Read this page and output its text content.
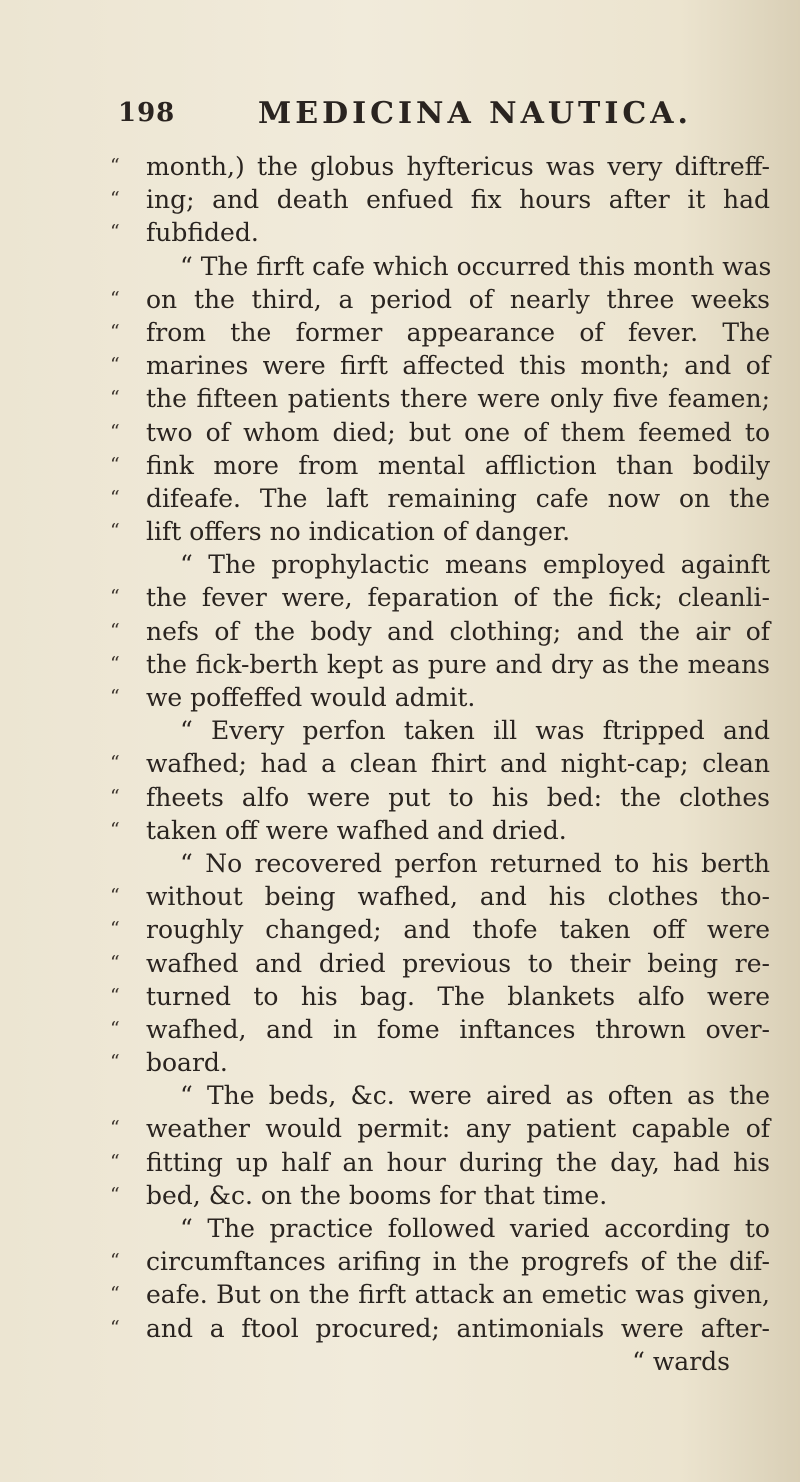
198	MEDICINA NAUTICA.
“	month,) the globus hyftericus was very diftreff-
“	ing; and death enfued fix hours after it had
“	fubfided.
“ The firft cafe which occurred this month was
“	on the third, a period of nearly three weeks
“	from the former appearance of fever. The
“	marines were firft affected this month; and of
“	the fifteen patients there were only five feamen;
“	two of whom died; but one of them feemed to
“	fink more from mental affliction than bodily
“	difeafe. The laft remaining cafe now on the
“	lift offers no indication of danger.
“ The prophylactic means employed againft
“	the fever were, feparation of the fick; cleanli-
“	nefs of the body and clothing; and the air of
“	the fick-berth kept as pure and dry as the means
“	we poffeffed would admit.
“ Every perfon taken ill was ftripped and
“	wafhed; had a clean fhirt and night-cap; clean
“	fheets alfo were put to his bed: the clothes
“	taken off were wafhed and dried.
“ No recovered perfon returned to his berth
“	without being wafhed, and his clothes tho-
“	roughly changed; and thofe taken off were
“	wafhed and dried previous to their being re-
“	turned to his bag. The blankets alfo were
“	wafhed, and in fome inftances thrown over-
“	board.
“ The beds, &c. were aired as often as the
“	weather would permit: any patient capable of
“	fitting up half an hour during the day, had his
“	bed, &c. on the booms for that time.
“ The practice followed varied according to
“	circumftances arifing in the progrefs of the dif-
“	eafe. But on the firft attack an emetic was given,
“	and a ftool procured; antimonials were after-
“ wards
